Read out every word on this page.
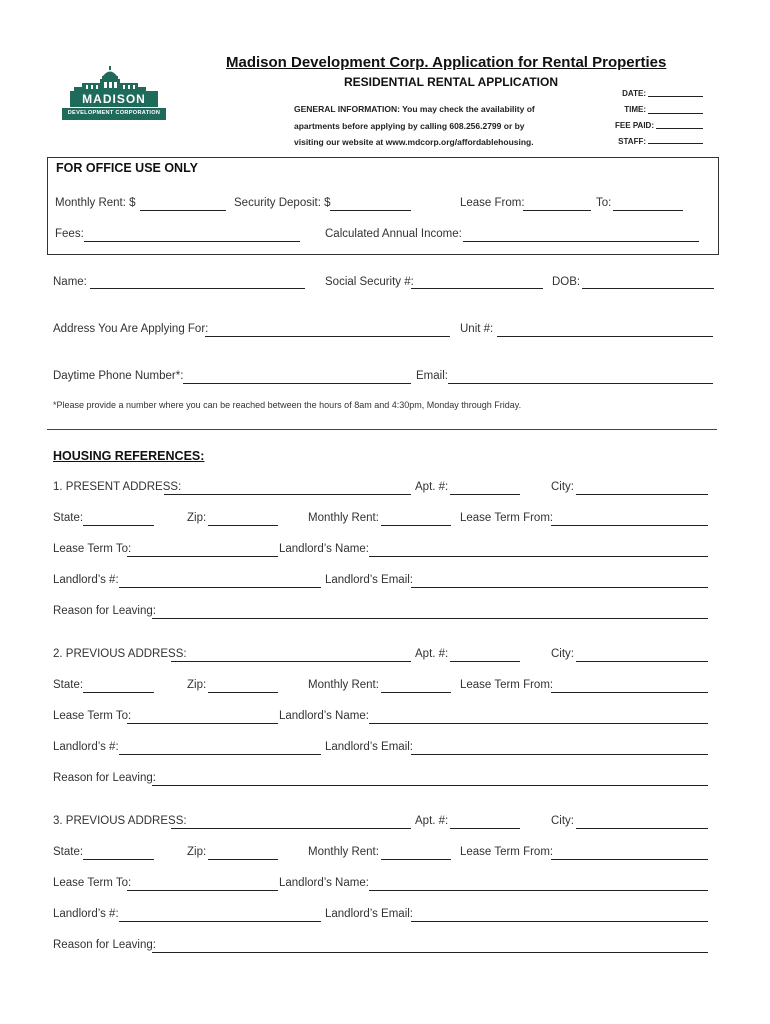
MADISON
DEVELOPMENT CORPORATION
Madison Development Corp. Application for Rental Properties
RESIDENTIAL RENTAL APPLICATION
GENERAL INFORMATION: You may check the availability of
apartments before applying by calling 608.256.2799 or by
visiting our website at www.mdcorp.org/affordablehousing.
DATE:
TIME:
FEE PAID:
STAFF:
FOR OFFICE USE ONLY
Monthly Rent: $	Security Deposit: $	Lease From:	To:
Fees:	Calculated Annual Income:
Name:	Social Security #:	DOB:
Address You Are Applying For:	Unit #:
Daytime Phone Number*:	Email:
*Please provide a number where you can be reached between the hours of 8am and 4:30pm, Monday through Friday.
HOUSING REFERENCES:
1. PRESENT ADDRESS:	Apt. #:	City:
State:	Zip:	Monthly Rent:	Lease Term From:
Lease Term To:	Landlord’s Name:
Landlord’s #:	Landlord’s Email:
Reason for Leaving:
2. PREVIOUS ADDRESS:	Apt. #:	City:
State:	Zip:	Monthly Rent:	Lease Term From:
Lease Term To:	Landlord’s Name:
Landlord’s #:	Landlord’s Email:
Reason for Leaving:
3. PREVIOUS ADDRESS:	Apt. #:	City:
State:	Zip:	Monthly Rent:	Lease Term From:
Lease Term To:	Landlord’s Name:
Landlord’s #:	Landlord’s Email:
Reason for Leaving:
